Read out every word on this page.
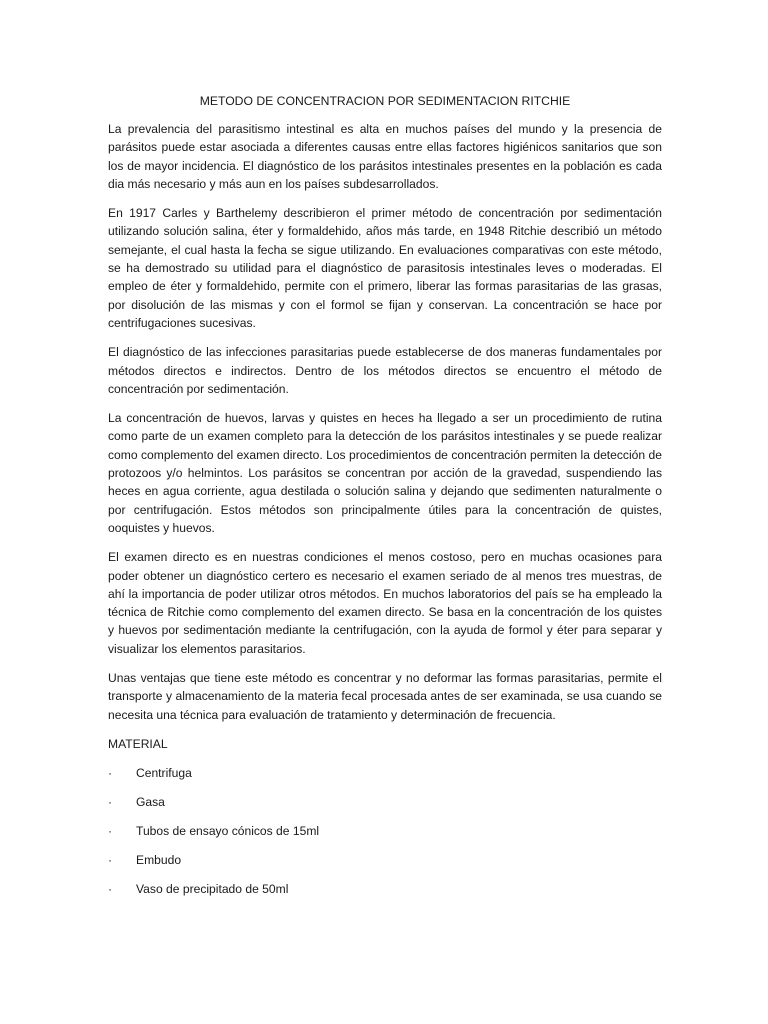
METODO DE CONCENTRACION POR SEDIMENTACION RITCHIE

La prevalencia del parasitismo intestinal es alta en muchos países del mundo y la presencia de parásitos puede estar asociada a diferentes causas entre ellas factores higiénicos sanitarios que son los de mayor incidencia. El diagnóstico de los parásitos intestinales presentes en la población es cada dia más necesario y más aun en los países subdesarrollados.

En 1917 Carles y Barthelemy describieron el primer método de concentración por sedimentación utilizando solución salina, éter y formaldehido, años más tarde, en 1948 Ritchie describió un método semejante, el cual hasta la fecha se sigue utilizando. En evaluaciones comparativas con este método, se ha demostrado su utilidad para el diagnóstico de parasitosis intestinales leves o moderadas. El empleo de éter y formaldehido, permite con el primero, liberar las formas parasitarias de las grasas, por disolución de las mismas y con el formol se fijan y conservan. La concentración se hace por centrifugaciones sucesivas.

El diagnóstico de las infecciones parasitarias puede establecerse de dos maneras fundamentales por métodos directos e indirectos. Dentro de los métodos directos se encuentro el método de concentración por sedimentación.

La concentración de huevos, larvas y quistes en heces ha llegado a ser un procedimiento de rutina como parte de un examen completo para la detección de los parásitos intestinales y se puede realizar como complemento del examen directo. Los procedimientos de concentración permiten la detección de protozoos y/o helmintos. Los parásitos se concentran por acción de la gravedad, suspendiendo las heces en agua corriente, agua destilada o solución salina y dejando que sedimenten naturalmente o por centrifugación. Estos métodos son principalmente útiles para la concentración de quistes, ooquistes y huevos.

El examen directo es en nuestras condiciones el menos costoso, pero en muchas ocasiones para poder obtener un diagnóstico certero es necesario el examen seriado de al menos tres muestras, de ahí la importancia de poder utilizar otros métodos. En muchos laboratorios del país se ha empleado la técnica de Ritchie como complemento del examen directo. Se basa en la concentración de los quistes y huevos por sedimentación mediante la centrifugación, con la ayuda de formol y éter para separar y visualizar los elementos parasitarios.

Unas ventajas que tiene este método es concentrar y no deformar las formas parasitarias, permite el transporte y almacenamiento de la materia fecal procesada antes de ser examinada, se usa cuando se necesita una técnica para evaluación de tratamiento y determinación de frecuencia.

MATERIAL
·	Centrifuga
·	Gasa
·	Tubos de ensayo cónicos de 15ml
·	Embudo
·	Vaso de precipitado de 50ml
